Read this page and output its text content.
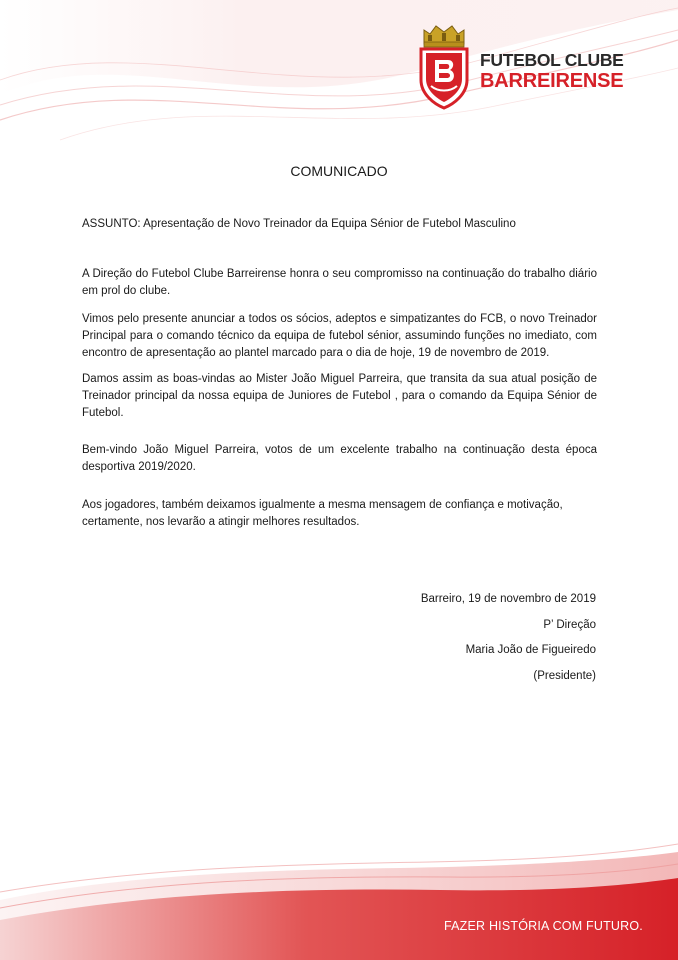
FUTEBOL CLUBE
BARREIRENSE
COMUNICADO
ASSUNTO: Apresentação de Novo Treinador da Equipa Sénior de Futebol Masculino
A Direção do Futebol Clube Barreirense honra o seu compromisso na continuação do trabalho diário em prol do clube.
Vimos pelo presente anunciar a todos os sócios, adeptos e simpatizantes do FCB, o novo Treinador Principal para o comando técnico da equipa de futebol sénior, assumindo funções no imediato, com encontro de apresentação ao plantel marcado para o dia de hoje, 19 de novembro de 2019.
Damos assim as boas-vindas ao Mister João Miguel Parreira, que transita da sua atual posição de Treinador principal da nossa equipa de Juniores de Futebol , para o comando da Equipa Sénior de Futebol.
Bem-vindo João Miguel Parreira, votos de um excelente trabalho na continuação desta época desportiva 2019/2020.
Aos jogadores, também deixamos igualmente a mesma mensagem de confiança e motivação, certamente, nos levarão a atingir melhores resultados.
Barreiro, 19 de novembro de 2019
P’ Direção
Maria João de Figueiredo
(Presidente)
FAZER HISTÓRIA COM FUTURO.
